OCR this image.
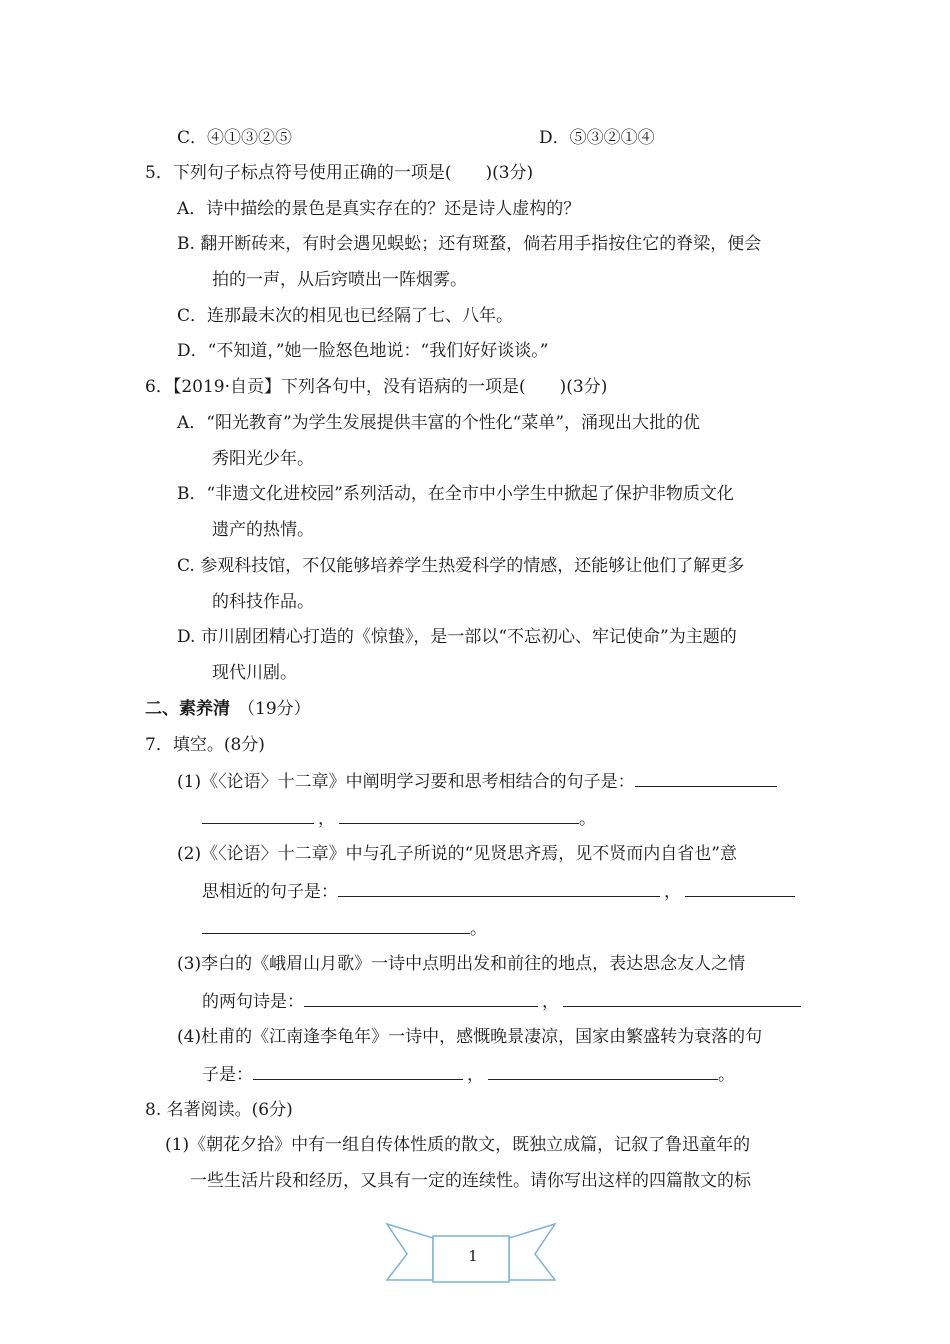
C．④①③②⑤	D．⑤③②①④
5．下列句子标点符号使用正确的一项是(　　)(3分)
A．诗中描绘的景色是真实存在的？还是诗人虚构的？
B. 翻开断砖来，有时会遇见蜈蚣；还有斑蝥，倘若用手指按住它的脊梁，便会
拍的一声，从后窍喷出一阵烟雾。
C．连那最末次的相见也已经隔了七、八年。
D．“不知道，”她一脸怒色地说：“我们好好谈谈。”
6．【2019·自贡】下列各句中，没有语病的一项是(　　)(3分)
A．“阳光教育”为学生发展提供丰富的个性化“菜单”，涌现出大批的优
秀阳光少年。
B．“非遗文化进校园”系列活动，在全市中小学生中掀起了保护非物质文化
遗产的热情。
C. 参观科技馆，不仅能够培养学生热爱科学的情感，还能够让他们了解更多
的科技作品。
D. 市川剧团精心打造的《惊蛰》，是一部以“不忘初心、牢记使命”为主题的
现代川剧。
二、素养清 （19分）
7．填空。(8分)
(1)《〈论语〉十二章》中阐明学习要和思考相结合的句子是：
，	。
(2)《〈论语〉十二章》中与孔子所说的“见贤思齐焉，见不贤而内自省也”意
思相近的句子是：	，
。
(3)李白的《峨眉山月歌》一诗中点明出发和前往的地点，表达思念友人之情
的两句诗是：	，
(4)杜甫的《江南逢李龟年》一诗中，感慨晚景凄凉，国家由繁盛转为衰落的句
子是：	，	。
8. 名著阅读。(6分)
(1)《朝花夕拾》中有一组自传体性质的散文，既独立成篇，记叙了鲁迅童年的
一些生活片段和经历，又具有一定的连续性。请你写出这样的四篇散文的标
1
